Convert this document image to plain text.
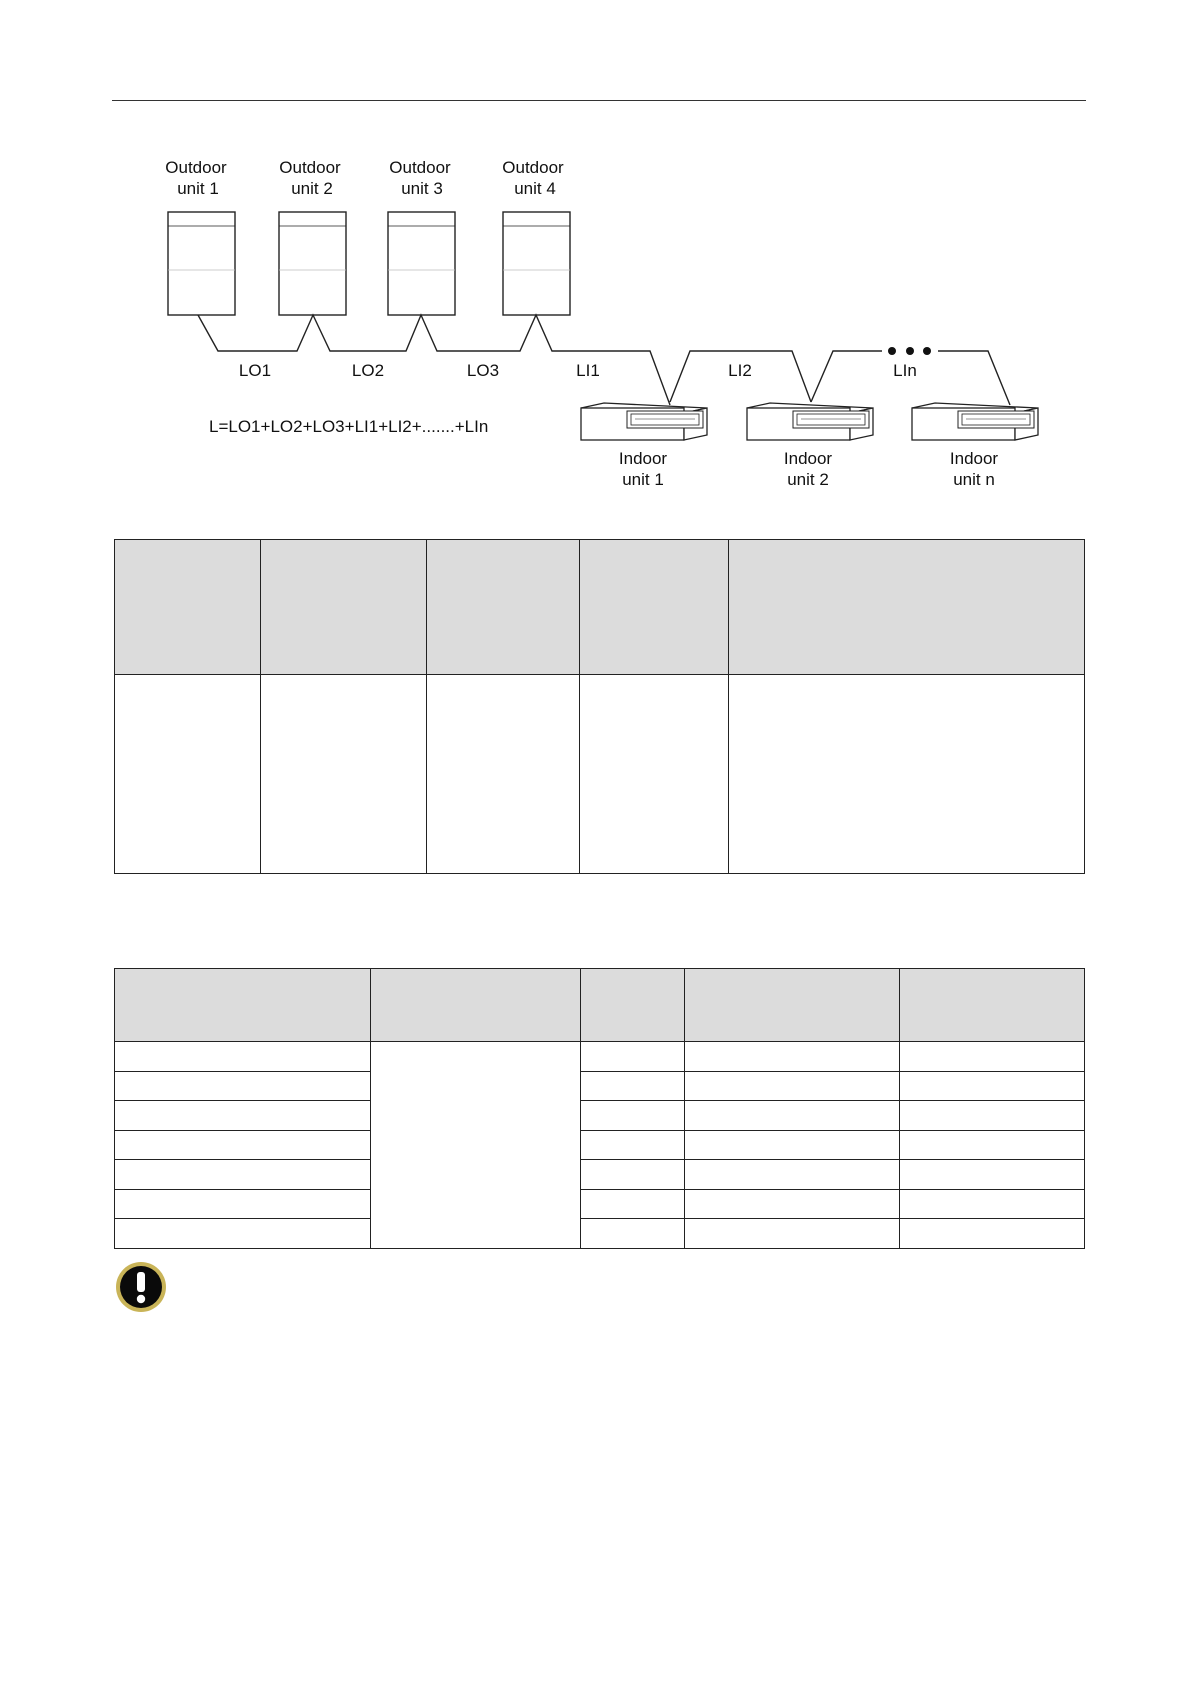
Outdoor
unit 1
Outdoor
unit 2
Outdoor
unit 3
Outdoor
unit 4
LO1	LO2	LO3	LI1	LI2	LIn
L=LO1+LO2+LO3+LI1+LI2+.......+LIn
Indoor
unit 1
Indoor
unit 2
Indoor
unit n
